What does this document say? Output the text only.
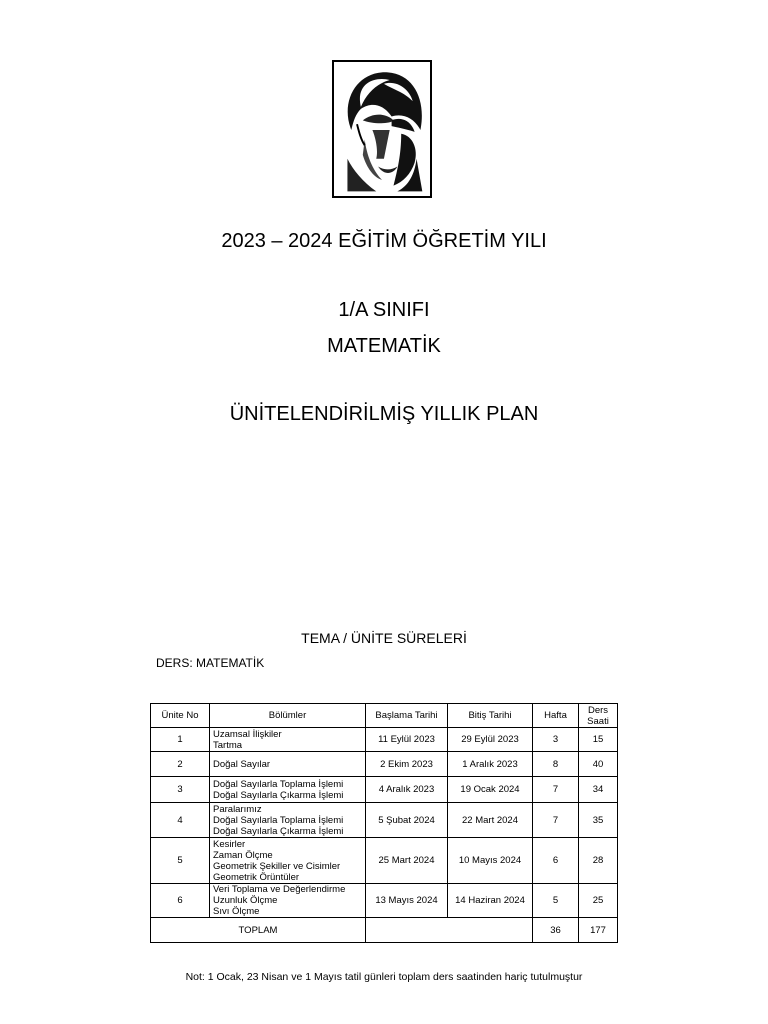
2023 – 2024 EĞİTİM ÖĞRETİM YILI
1/A SINIFI
MATEMATİK
ÜNİTELENDİRİLMİŞ YILLIK PLAN
TEMA / ÜNİTE SÜRELERİ
DERS: MATEMATİK
Ünite No	Bölümler	Başlama Tarihi	Bitiş Tarihi	Hafta	Ders Saati
1	Uzamsal İlişkiler
Tartma	11 Eylül 2023	29 Eylül 2023	3	15
2	Doğal Sayılar	2 Ekim 2023	1 Aralık 2023	8	40
3	Doğal Sayılarla Toplama İşlemi
Doğal Sayılarla Çıkarma İşlemi	4 Aralık 2023	19 Ocak 2024	7	34
4	Paralarımız
Doğal Sayılarla Toplama İşlemi
Doğal Sayılarla Çıkarma İşlemi	5 Şubat 2024	22 Mart 2024	7	35
5	Kesirler
Zaman Ölçme
Geometrik Şekiller ve Cisimler
Geometrik Örüntüler	25 Mart 2024	10 Mayıs 2024	6	28
6	Veri Toplama ve Değerlendirme
Uzunluk Ölçme
Sıvı Ölçme	13 Mayıs 2024	14 Haziran 2024	5	25
TOPLAM				36	177
Not: 1 Ocak, 23 Nisan ve 1 Mayıs tatil günleri toplam ders saatinden hariç tutulmuştur
